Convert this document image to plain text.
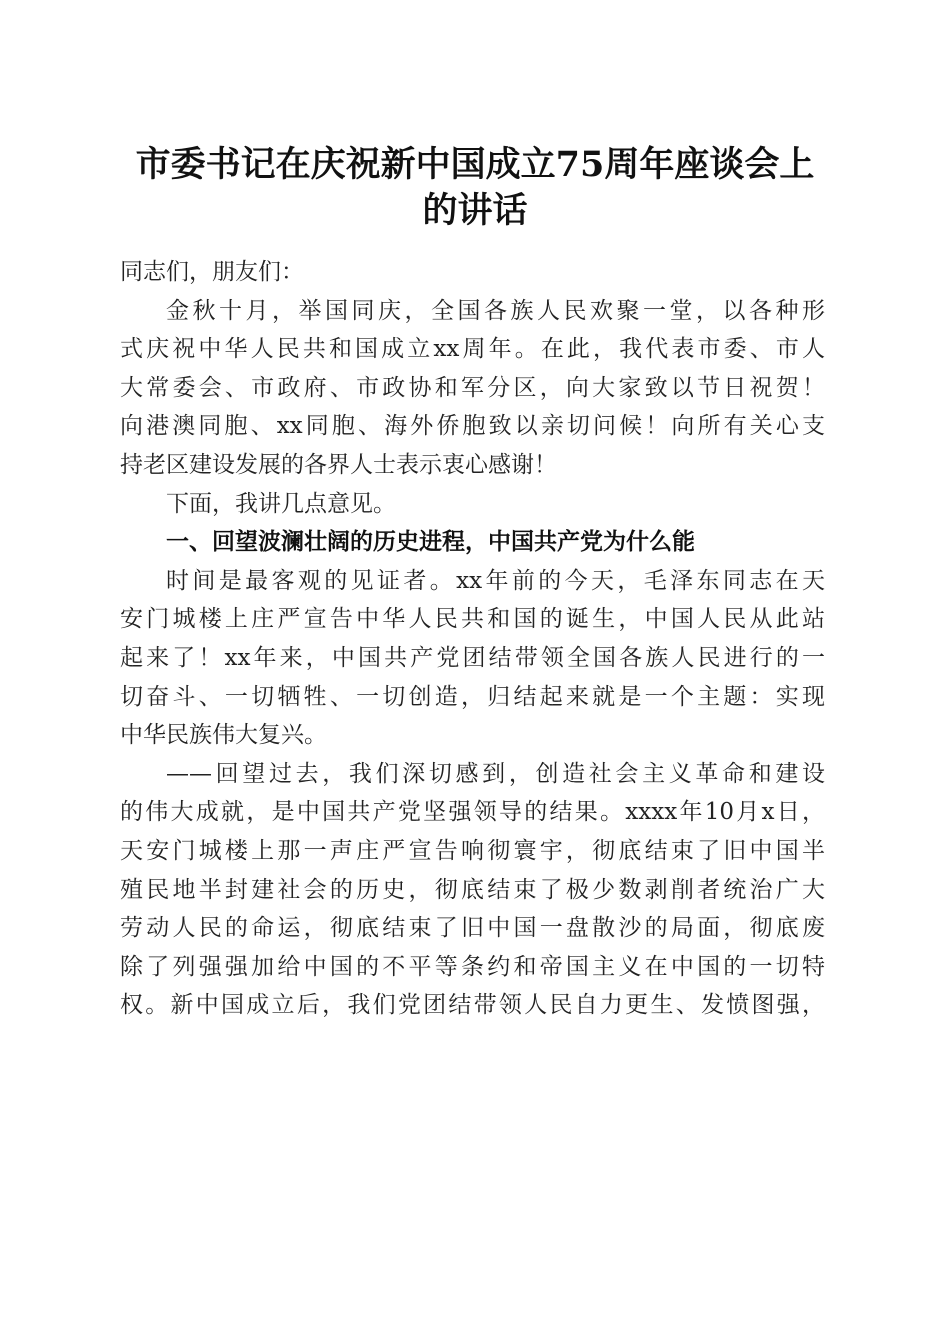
市委书记在庆祝新中国成立75周年座谈会上
的讲话

同志们，朋友们：

金秋十月，举国同庆，全国各族人民欢聚一堂，以各种形
式庆祝中华人民共和国成立xx周年。在此，我代表市委、市人
大常委会、市政府、市政协和军分区，向大家致以节日祝贺！
向港澳同胞、xx同胞、海外侨胞致以亲切问候！向所有关心支
持老区建设发展的各界人士表示衷心感谢！

下面，我讲几点意见。

一、回望波澜壮阔的历史进程，中国共产党为什么能

时间是最客观的见证者。xx年前的今天，毛泽东同志在天
安门城楼上庄严宣告中华人民共和国的诞生，中国人民从此站
起来了！xx年来，中国共产党团结带领全国各族人民进行的一
切奋斗、一切牺牲、一切创造，归结起来就是一个主题：实现
中华民族伟大复兴。

——回望过去，我们深切感到，创造社会主义革命和建设
的伟大成就，是中国共产党坚强领导的结果。xxxx年10月x日，
天安门城楼上那一声庄严宣告响彻寰宇，彻底结束了旧中国半
殖民地半封建社会的历史，彻底结束了极少数剥削者统治广大
劳动人民的命运，彻底结束了旧中国一盘散沙的局面，彻底废
除了列强强加给中国的不平等条约和帝国主义在中国的一切特
权。新中国成立后，我们党团结带领人民自力更生、发愤图强，
